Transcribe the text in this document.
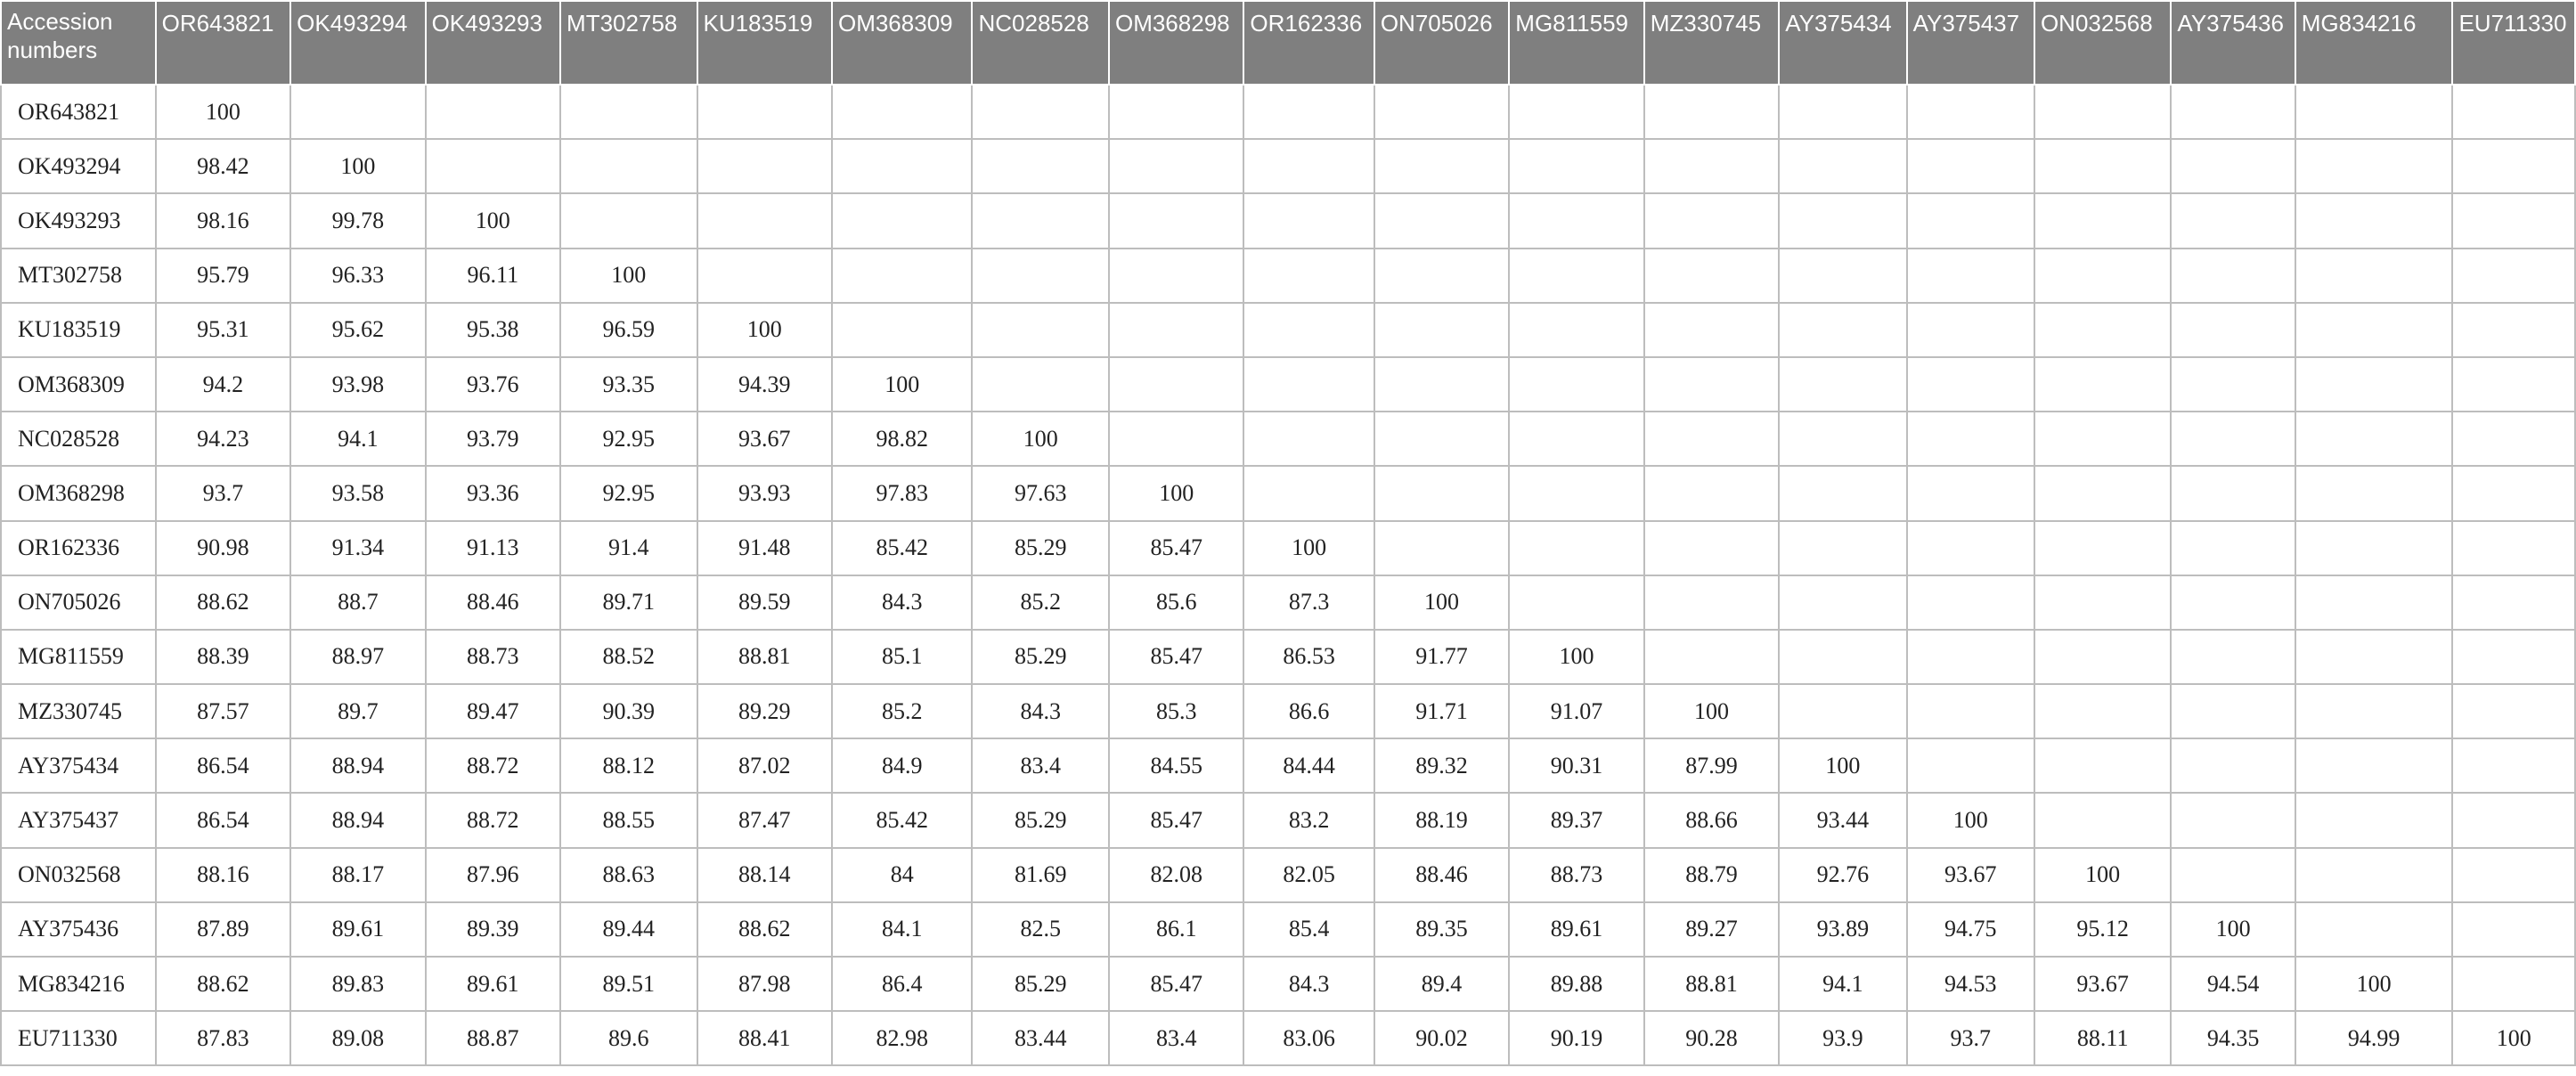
Accession numbers	OR643821	OK493294	OK493293	MT302758	KU183519	OM368309	NC028528	OM368298	OR162336	ON705026	MG811559	MZ330745	AY375434	AY375437	ON032568	AY375436	MG834216	EU711330
OR643821	100																	
OK493294	98.42	100																
OK493293	98.16	99.78	100															
MT302758	95.79	96.33	96.11	100														
KU183519	95.31	95.62	95.38	96.59	100													
OM368309	94.2	93.98	93.76	93.35	94.39	100												
NC028528	94.23	94.1	93.79	92.95	93.67	98.82	100											
OM368298	93.7	93.58	93.36	92.95	93.93	97.83	97.63	100										
OR162336	90.98	91.34	91.13	91.4	91.48	85.42	85.29	85.47	100									
ON705026	88.62	88.7	88.46	89.71	89.59	84.3	85.2	85.6	87.3	100								
MG811559	88.39	88.97	88.73	88.52	88.81	85.1	85.29	85.47	86.53	91.77	100							
MZ330745	87.57	89.7	89.47	90.39	89.29	85.2	84.3	85.3	86.6	91.71	91.07	100						
AY375434	86.54	88.94	88.72	88.12	87.02	84.9	83.4	84.55	84.44	89.32	90.31	87.99	100					
AY375437	86.54	88.94	88.72	88.55	87.47	85.42	85.29	85.47	83.2	88.19	89.37	88.66	93.44	100				
ON032568	88.16	88.17	87.96	88.63	88.14	84	81.69	82.08	82.05	88.46	88.73	88.79	92.76	93.67	100			
AY375436	87.89	89.61	89.39	89.44	88.62	84.1	82.5	86.1	85.4	89.35	89.61	89.27	93.89	94.75	95.12	100		
MG834216	88.62	89.83	89.61	89.51	87.98	86.4	85.29	85.47	84.3	89.4	89.88	88.81	94.1	94.53	93.67	94.54	100	
EU711330	87.83	89.08	88.87	89.6	88.41	82.98	83.44	83.4	83.06	90.02	90.19	90.28	93.9	93.7	88.11	94.35	94.99	100
